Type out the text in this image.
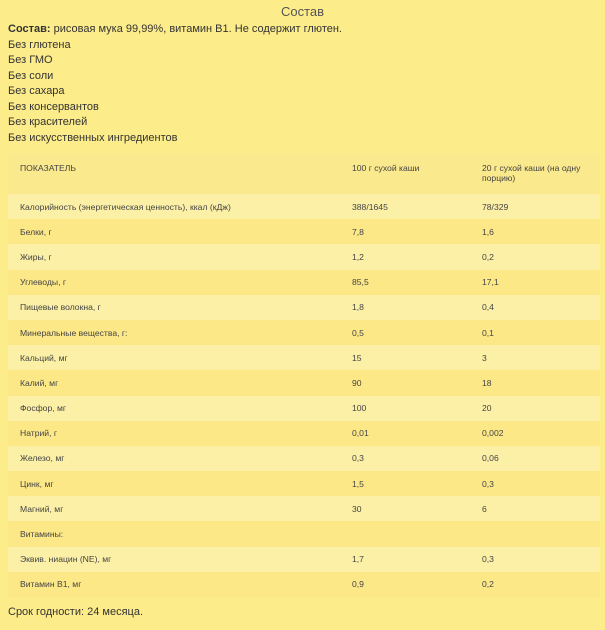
Состав
Состав: рисовая мука 99,99%, витамин В1. Не содержит глютен.
Без глютена
Без ГМО
Без соли
Без сахара
Без консервантов
Без красителей
Без искусственных ингредиентов
ПОКАЗАТЕЛЬ	100 г сухой каши	20 г сухой каши (на одну порцию)
Калорийность (энергетическая ценность), ккал (кДж)	388/1645	78/329
Белки, г	7,8	1,6
Жиры, г	1,2	0,2
Углеводы, г	85,5	17,1
Пищевые волокна, г	1,8	0,4
Минеральные вещества, г:	0,5	0,1
Кальций, мг	15	3
Калий, мг	90	18
Фосфор, мг	100	20
Натрий, г	0,01	0,002
Железо, мг	0,3	0,06
Цинк, мг	1,5	0,3
Магний, мг	30	6
Витамины:		
Эквив. ниацин (NE), мг	1,7	0,3
Витамин В1, мг	0,9	0,2
Срок годности: 24 месяца.
